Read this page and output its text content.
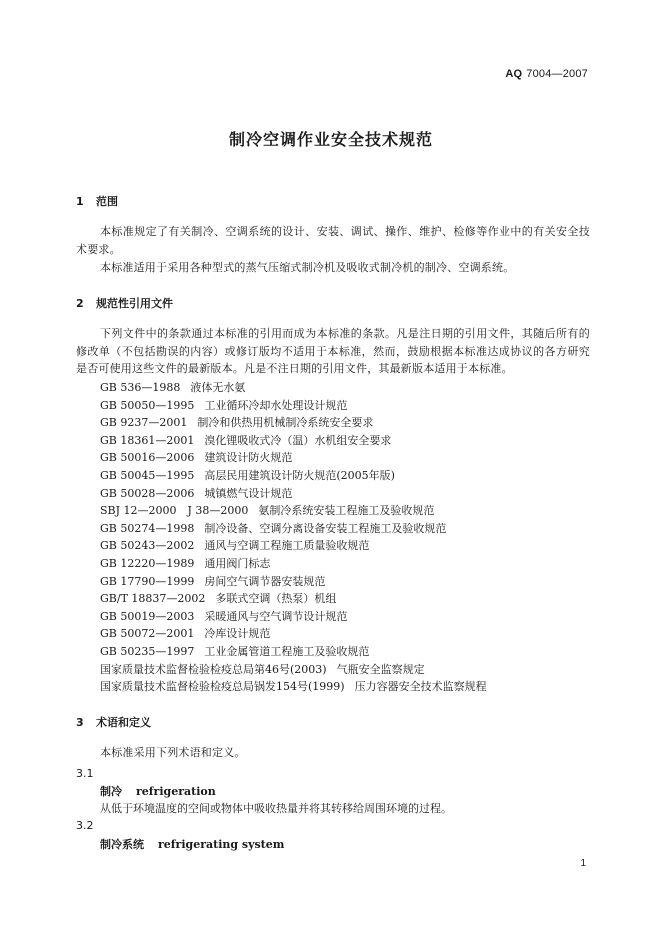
AQ 7004—2007
制冷空调作业安全技术规范
1 范围
本标准规定了有关制冷、空调系统的设计、安装、调试、操作、维护、检修等作业中的有关安全技术要求。
本标准适用于采用各种型式的蒸气压缩式制冷机及吸收式制冷机的制冷、空调系统。
2 规范性引用文件
下列文件中的条款通过本标准的引用而成为本标准的条款。凡是注日期的引用文件，其随后所有的修改单（不包括勘误的内容）或修订版均不适用于本标准，然而，鼓励根据本标准达成协议的各方研究是否可使用这些文件的最新版本。凡是不注日期的引用文件，其最新版本适用于本标准。
GB 536—1988 液体无水氨
GB 50050—1995 工业循环冷却水处理设计规范
GB 9237—2001 制冷和供热用机械制冷系统安全要求
GB 18361—2001 溴化锂吸收式冷（温）水机组安全要求
GB 50016—2006 建筑设计防火规范
GB 50045—1995 高层民用建筑设计防火规范(2005年版)
GB 50028—2006 城镇燃气设计规范
SBJ 12—2000　J 38—2000 氨制冷系统安装工程施工及验收规范
GB 50274—1998 制冷设备、空调分离设备安装工程施工及验收规范
GB 50243—2002 通风与空调工程施工质量验收规范
GB 12220—1989 通用阀门标志
GB 17790—1999 房间空气调节器安装规范
GB/T 18837—2002 多联式空调（热泵）机组
GB 50019—2003 采暖通风与空气调节设计规范
GB 50072—2001 冷库设计规范
GB 50235—1997 工业金属管道工程施工及验收规范
国家质量技术监督检验检疫总局第46号(2003) 气瓶安全监察规定
国家质量技术监督检验检疫总局锅发154号(1999) 压力容器安全技术监察规程
3 术语和定义
本标准采用下列术语和定义。
3.1
制冷 refrigeration
从低于环境温度的空间或物体中吸收热量并将其转移给周围环境的过程。
3.2
制冷系统 refrigerating system
1
